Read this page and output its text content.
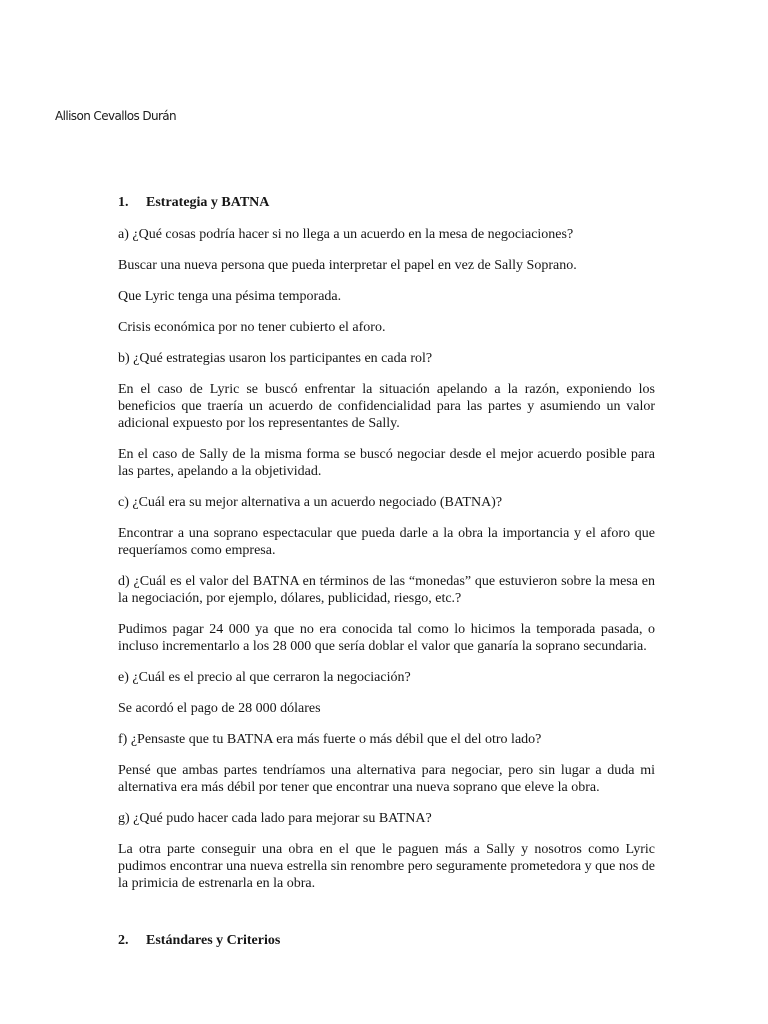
Allison Cevallos Durán
1.	Estrategia y BATNA

a) ¿Qué cosas podría hacer si no llega a un acuerdo en la mesa de negociaciones?

Buscar una nueva persona que pueda interpretar el papel en vez de Sally Soprano.

Que Lyric tenga una pésima temporada.

Crisis económica por no tener cubierto el aforo.

b) ¿Qué estrategias usaron los participantes en cada rol?

En el caso de Lyric se buscó enfrentar la situación apelando a la razón, exponiendo los beneficios que traería un acuerdo de confidencialidad para las partes y asumiendo un valor adicional expuesto por los representantes de Sally.

En el caso de Sally de la misma forma se buscó negociar desde el mejor acuerdo posible para las partes, apelando a la objetividad.

c) ¿Cuál era su mejor alternativa a un acuerdo negociado (BATNA)?

Encontrar a una soprano espectacular que pueda darle a la obra la importancia y el aforo que requeríamos como empresa.

d) ¿Cuál es el valor del BATNA en términos de las “monedas” que estuvieron sobre la mesa en la negociación, por ejemplo, dólares, publicidad, riesgo, etc.?

Pudimos pagar 24 000 ya que no era conocida tal como lo hicimos la temporada pasada, o incluso incrementarlo a los 28 000 que sería doblar el valor que ganaría la soprano secundaria.

e) ¿Cuál es el precio al que cerraron la negociación?

Se acordó el pago de 28 000 dólares

f) ¿Pensaste que tu BATNA era más fuerte o más débil que el del otro lado?

Pensé que ambas partes tendríamos una alternativa para negociar, pero sin lugar a duda mi alternativa era más débil por tener que encontrar una nueva soprano que eleve la obra.

g) ¿Qué pudo hacer cada lado para mejorar su BATNA?

La otra parte conseguir una obra en el que le paguen más a Sally y nosotros como Lyric pudimos encontrar una nueva estrella sin renombre pero seguramente prometedora y que nos de la primicia de estrenarla en la obra.

2.	Estándares y Criterios
